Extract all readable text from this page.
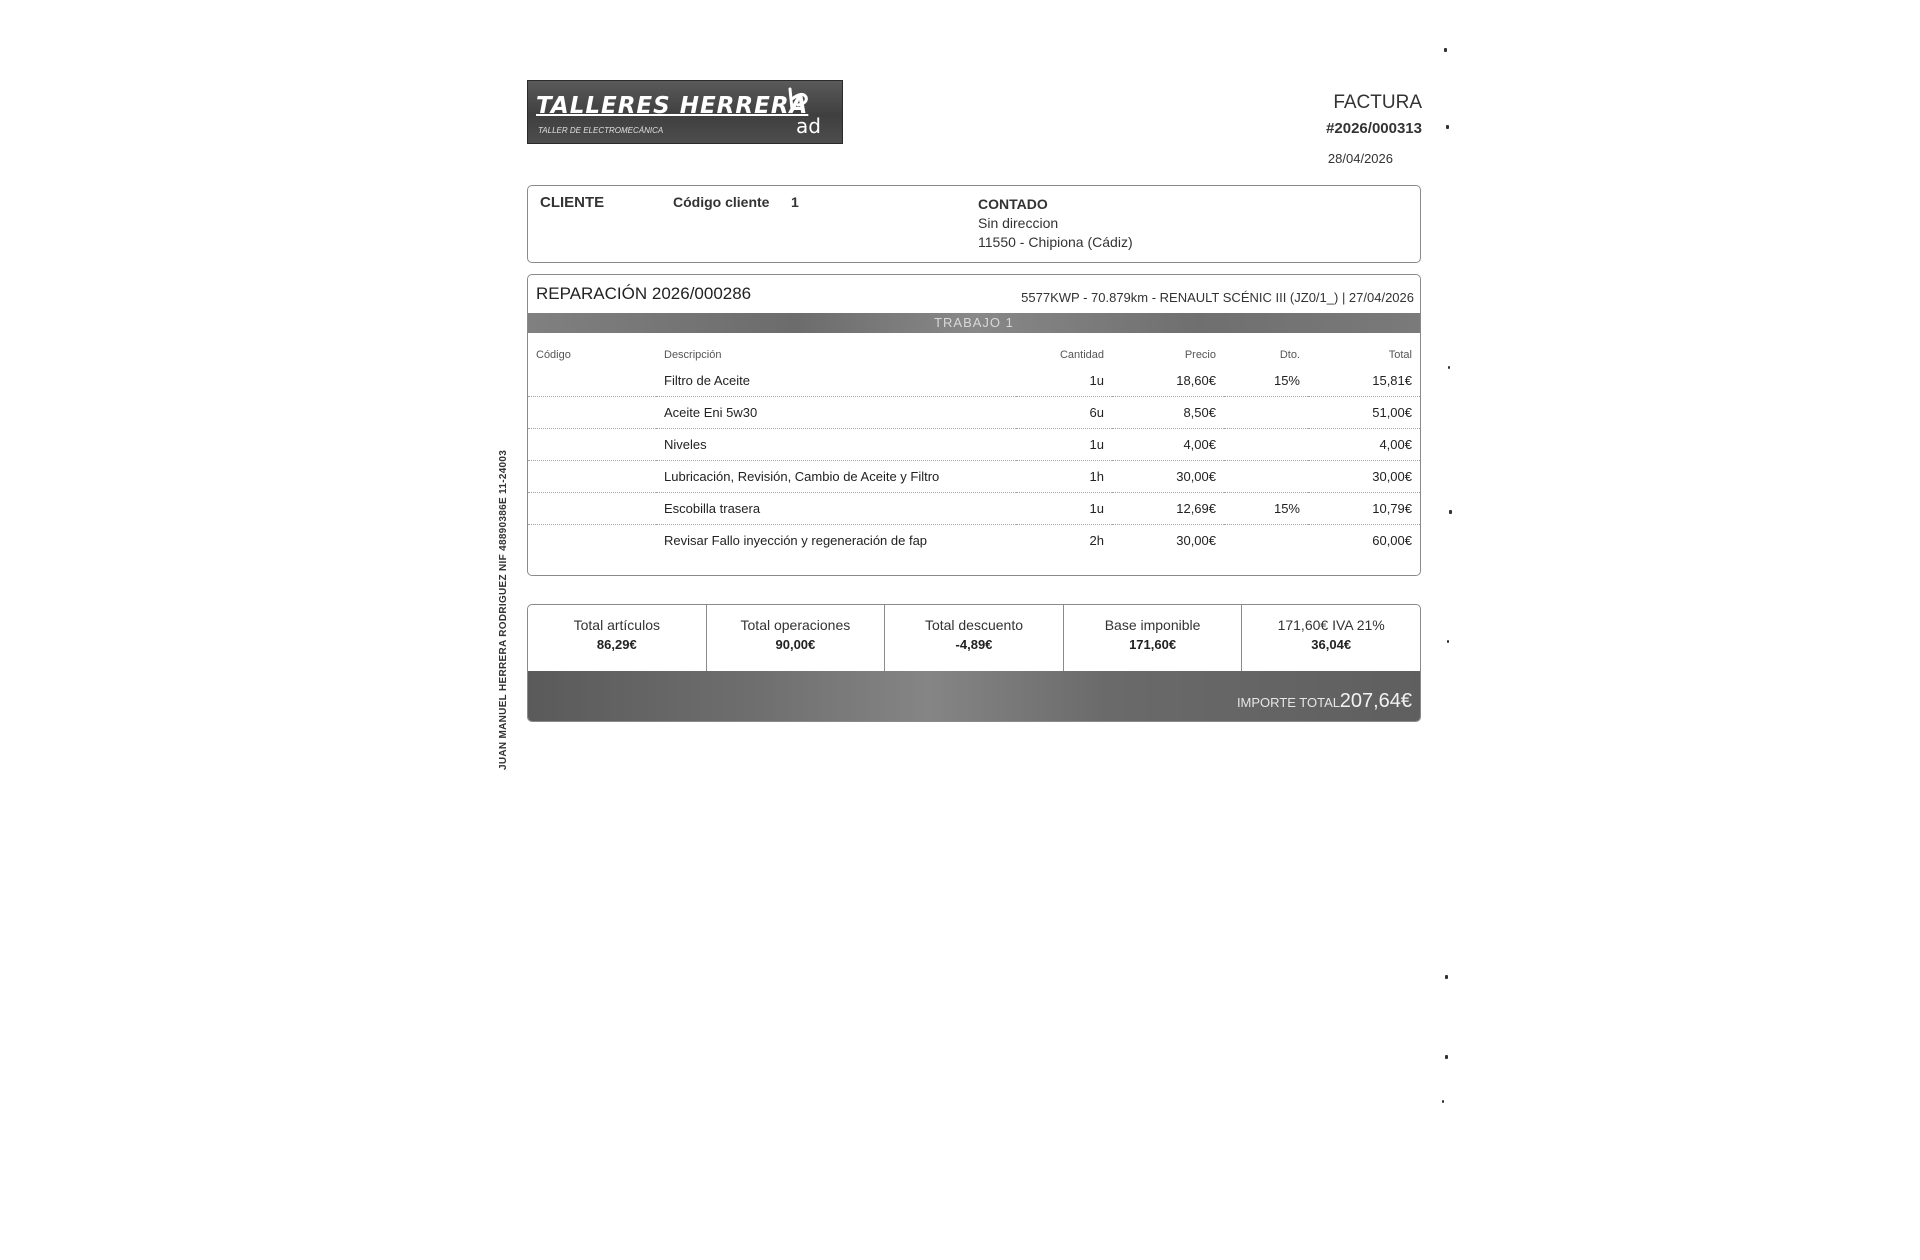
TALLERES HERRERA
TALLER DE ELECTROMECÁNICA	ad
FACTURA
#2026/000313
28/04/2026
CLIENTE	Código cliente 1	CONTADO
Sin direccion
11550 - Chipiona (Cádiz)
REPARACIÓN 2026/000286	5577KWP - 70.879km - RENAULT SCÉNIC III (JZ0/1_) | 27/04/2026
TRABAJO 1
Código	Descripción	Cantidad	Precio	Dto.	Total
	Filtro de Aceite	1u	18,60€	15%	15,81€
	Aceite Eni 5w30	6u	8,50€		51,00€
	Niveles	1u	4,00€		4,00€
	Lubricación, Revisión, Cambio de Aceite y Filtro	1h	30,00€		30,00€
	Escobilla trasera	1u	12,69€	15%	10,79€
	Revisar Fallo inyección y regeneración de fap	2h	30,00€		60,00€
Total artículos
86,29€
Total operaciones
90,00€
Total descuento
-4,89€
Base imponible
171,60€
171,60€ IVA 21%
36,04€
IMPORTE TOTAL 207,64€
JUAN MANUEL HERRERA RODRIGUEZ NIF 48890386E 11-24003
